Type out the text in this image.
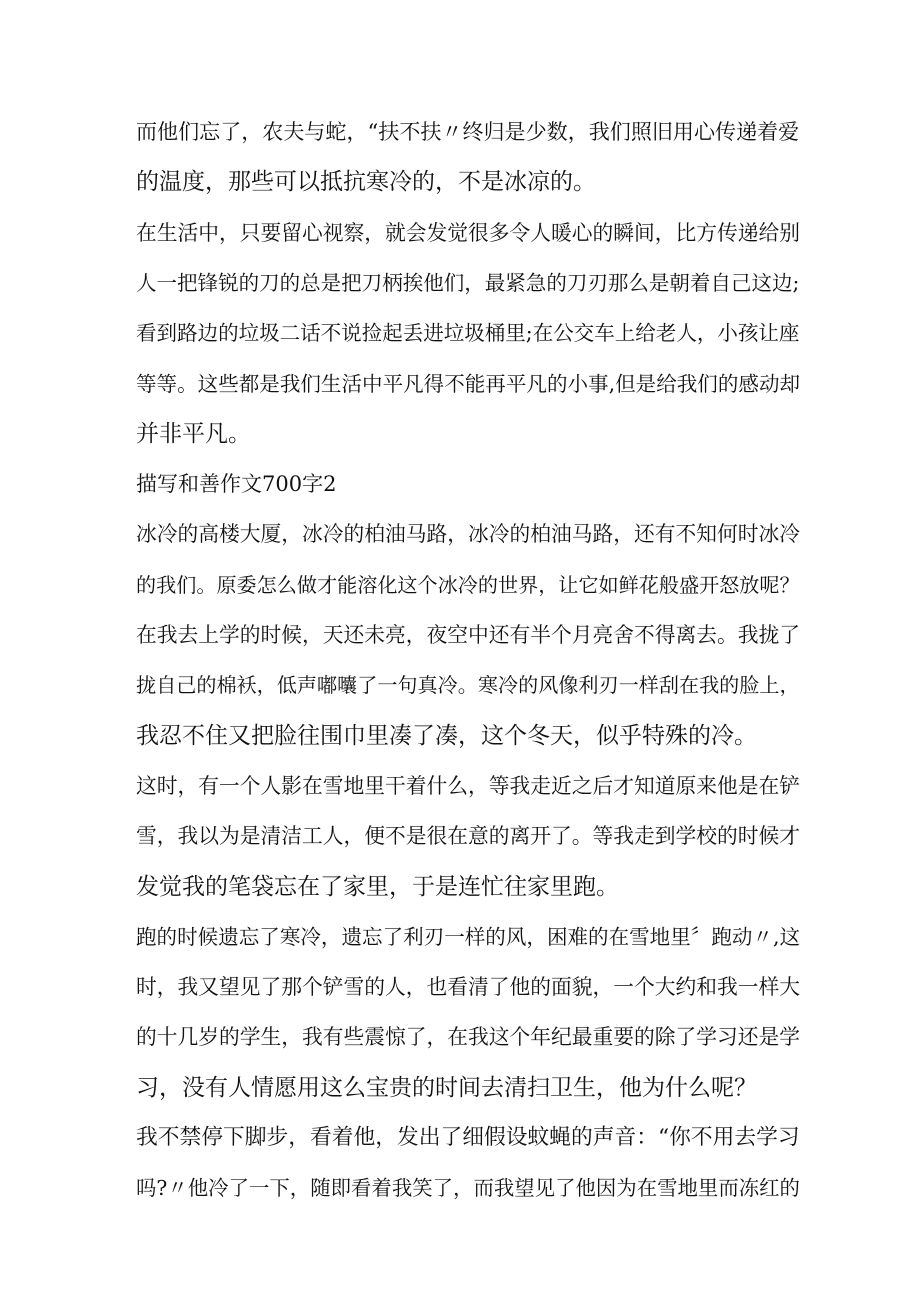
而他们忘了，农夫与蛇，“扶不扶〃终归是少数，我们照旧用心传递着爱

的温度，那些可以抵抗寒冷的，不是冰凉的。

在生活中，只要留心视察，就会发觉很多令人暖心的瞬间，比方传递给别

人一把锋锐的刀的总是把刀柄挨他们，最紧急的刀刃那么是朝着自己这边;

看到路边的垃圾二话不说捡起丢进垃圾桶里;在公交车上给老人，小孩让座

等等。这些都是我们生活中平凡得不能再平凡的小事,但是给我们的感动却

并非平凡。

描写和善作文700字2

冰冷的高楼大厦，冰冷的柏油马路，冰冷的柏油马路，还有不知何时冰冷

的我们。原委怎么做才能溶化这个冰冷的世界，让它如鲜花般盛开怒放呢？

在我去上学的时候，天还未亮，夜空中还有半个月亮舍不得离去。我拢了

拢自己的棉袄，低声嘟囔了一句真冷。寒冷的风像利刃一样刮在我的脸上，

我忍不住又把脸往围巾里凑了凑，这个冬天，似乎特殊的冷。

这时，有一个人影在雪地里干着什么，等我走近之后才知道原来他是在铲

雪，我以为是清洁工人，便不是很在意的离开了。等我走到学校的时候才

发觉我的笔袋忘在了家里，于是连忙往家里跑。

跑的时候遗忘了寒冷，遗忘了利刃一样的风，困难的在雪地里〞跑动〃,这

时，我又望见了那个铲雪的人，也看清了他的面貌，一个大约和我一样大

的十几岁的学生，我有些震惊了，在我这个年纪最重要的除了学习还是学

习，没有人情愿用这么宝贵的时间去清扫卫生，他为什么呢？

我不禁停下脚步，看着他，发出了细假设蚊蝇的声音：“你不用去学习

吗?〃他冷了一下，随即看着我笑了，而我望见了他因为在雪地里而冻红的
